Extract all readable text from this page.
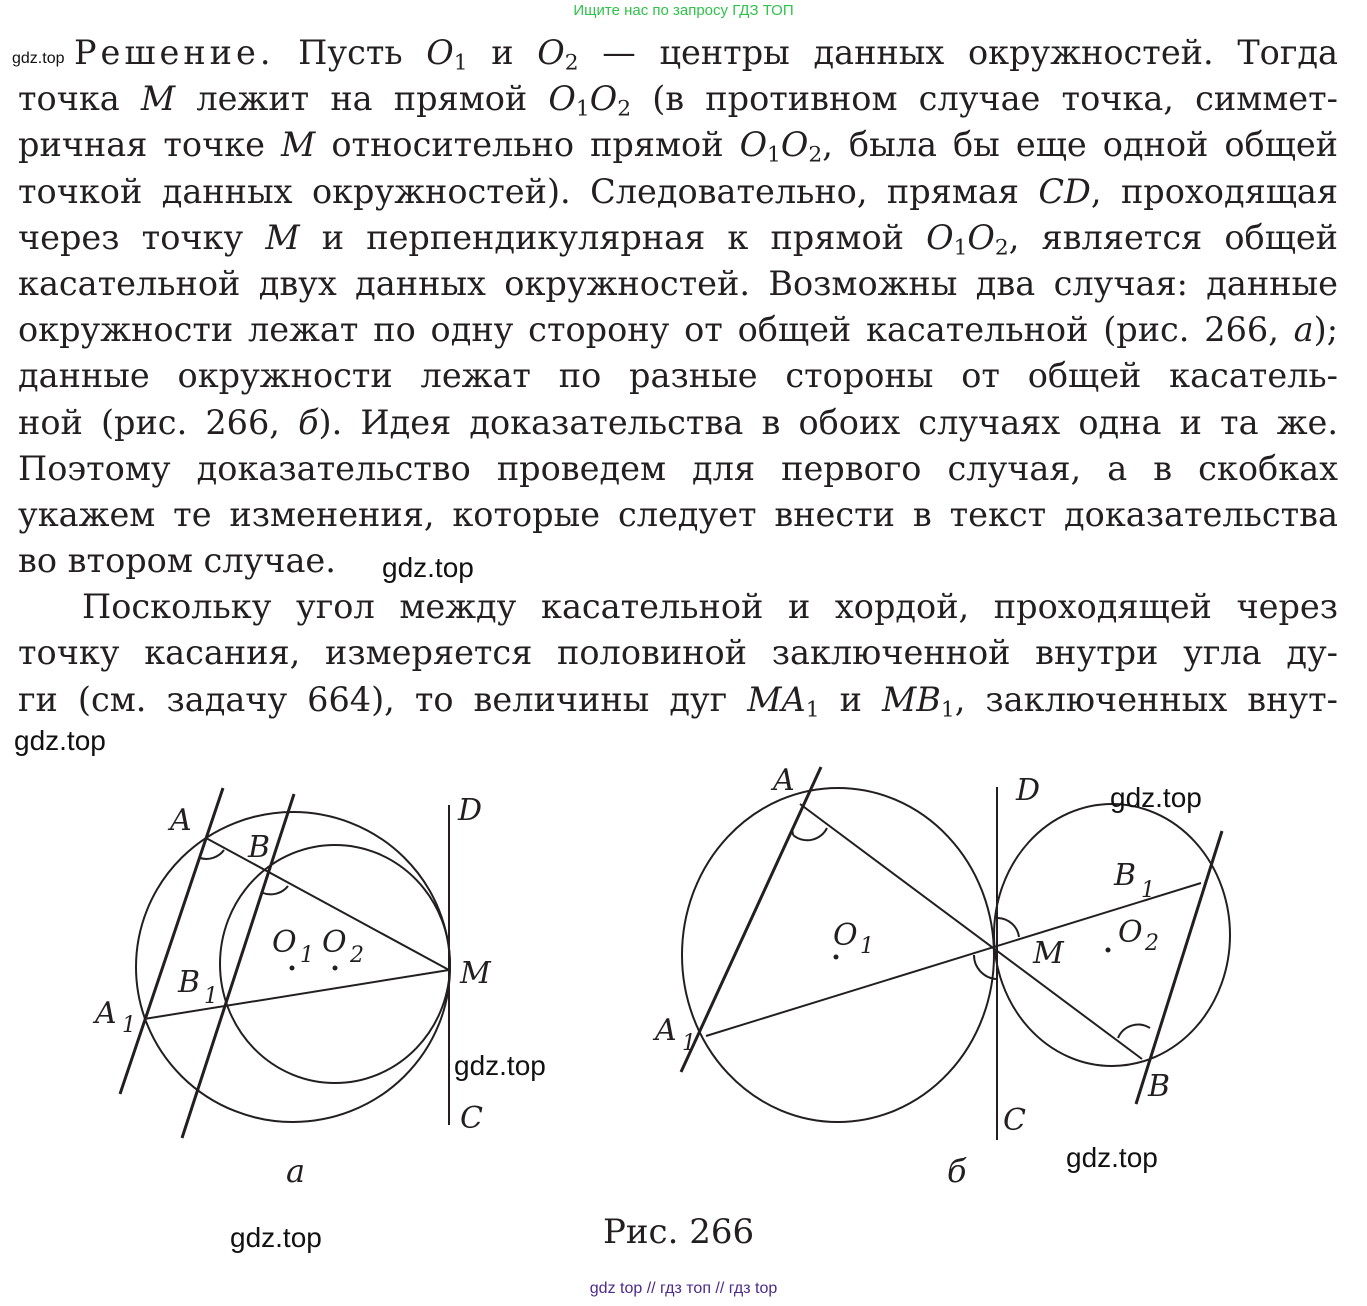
Ищите нас по запросу ГДЗ ТОП
gdz.top Решение. Пусть $O_1$ и $O_2$ — центры данных окружностей. Тогда
точка M лежит на прямой $O_1O_2$ (в противном случае точка, симмет-
ричная точке M относительно прямой $O_1O_2$, была бы еще одной общей
точкой данных окружностей). Следовательно, прямая CD, проходящая
через точку M и перпендикулярная к прямой $O_1O_2$, является общей
касательной двух данных окружностей. Возможны два случая: данные
окружности лежат по одну сторону от общей касательной (рис. 266, а);
данные окружности лежат по разные стороны от общей касатель-
ной (рис. 266, б). Идея доказательства в обоих случаях одна и та же.
Поэтому доказательство проведем для первого случая, а в скобках
укажем те изменения, которые следует внести в текст доказательства
во втором случае.
Поскольку угол между касательной и хордой, проходящей через
точку касания, измеряется половиной заключенной внутри угла ду-
ги (см. задачу 664), то величины дуг $MA_1$ и $MB_1$, заключенных внут-
gdz.top
gdz.top
A
B
A 1
B 1
O 1 O 2
M
D
C
A
A 1
B
B 1
O 1	O 2
M
D
C
gdz.top
gdz.top
gdz.top
а	б
gdz.top	Рис. 266
gdz top // гдз топ // гдз top
